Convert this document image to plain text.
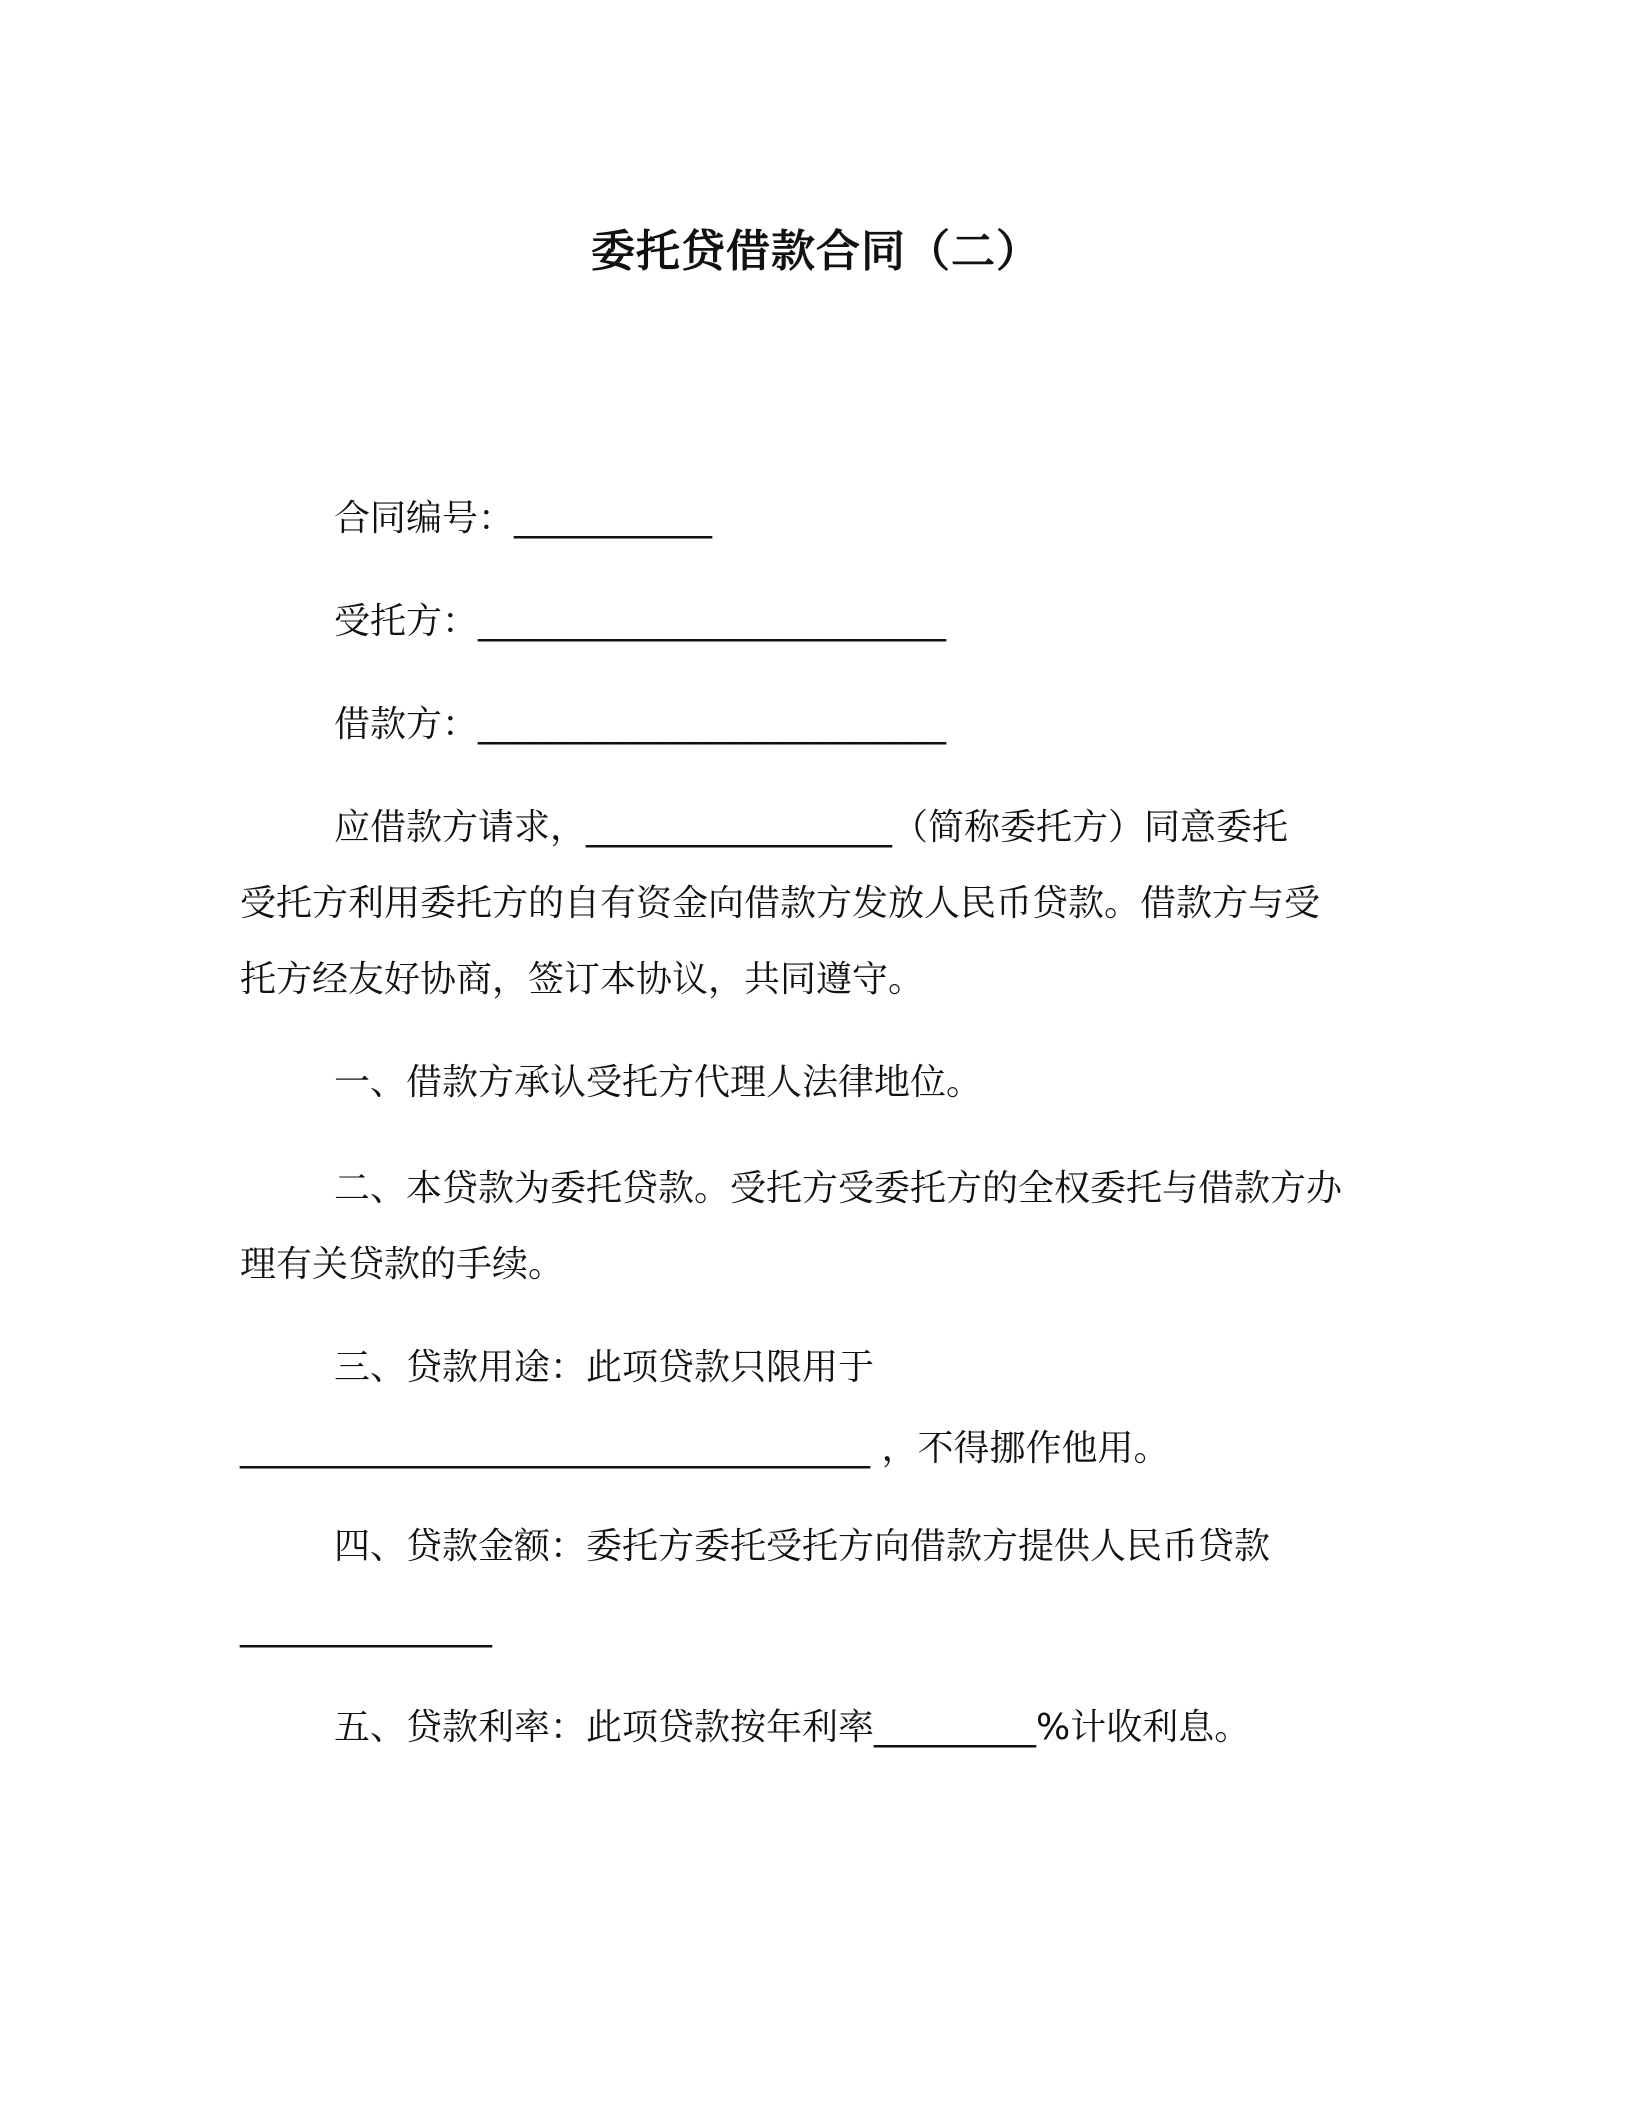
委托贷借款合同（二）
合同编号：___________
受托方：__________________________
借款方：__________________________
应借款方请求，_________________（简称委托方）同意委托
受托方利用委托方的自有资金向借款方发放人民币贷款。借款方与受
托方经友好协商，签订本协议，共同遵守。
一、借款方承认受托方代理人法律地位。
二、本贷款为委托贷款。受托方受委托方的全权委托与借款方办
理有关贷款的手续。
三、贷款用途：此项贷款只限用于
___________________________________ ，不得挪作他用。
四、贷款金额：委托方委托受托方向借款方提供人民币贷款
______________
五、贷款利率：此项贷款按年利率_________%计收利息。
